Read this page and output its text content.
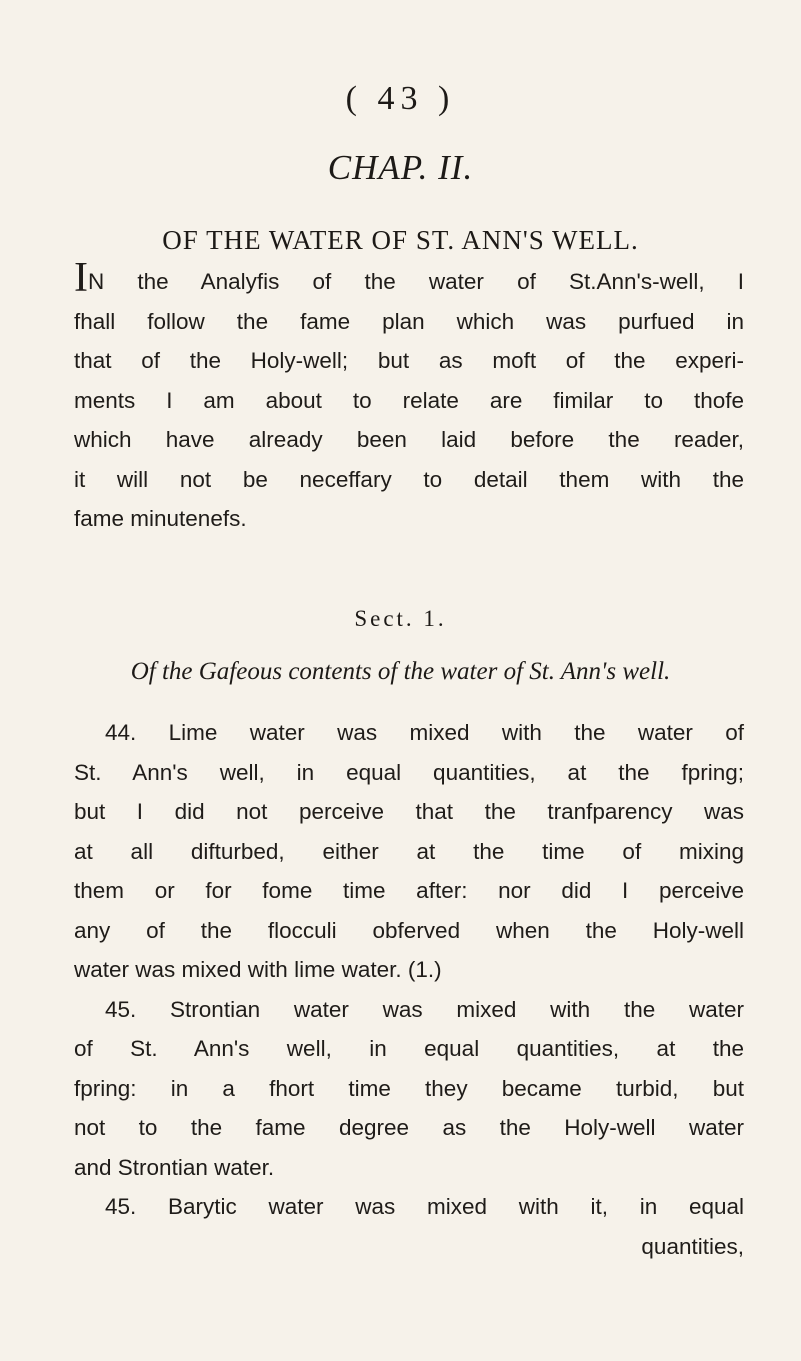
( 43 )
CHAP. II.
OF THE WATER OF ST. ANN'S WELL.
IN the Analyfis of the water of St.Ann's-well, I
fhall follow the fame plan which was purfued in
that of the Holy-well; but as moft of the experi-
ments I am about to relate are fimilar to thofe
which have already been laid before the reader,
it will not be neceffary to detail them with the
fame minutenefs.
Sect. 1.
Of the Gafeous contents of the water of St. Ann's well.
44. Lime water was mixed with the water of
St. Ann's well, in equal quantities, at the fpring;
but I did not perceive that the tranfparency was
at all difturbed, either at the time of mixing
them or for fome time after: nor did I perceive
any of the flocculi obferved when the Holy-well
water was mixed with lime water. (1.)
45. Strontian water was mixed with the water
of St. Ann's well, in equal quantities, at the
fpring: in a fhort time they became turbid, but
not to the fame degree as the Holy-well water
and Strontian water.
45. Barytic water was mixed with it, in equal
quantities,
